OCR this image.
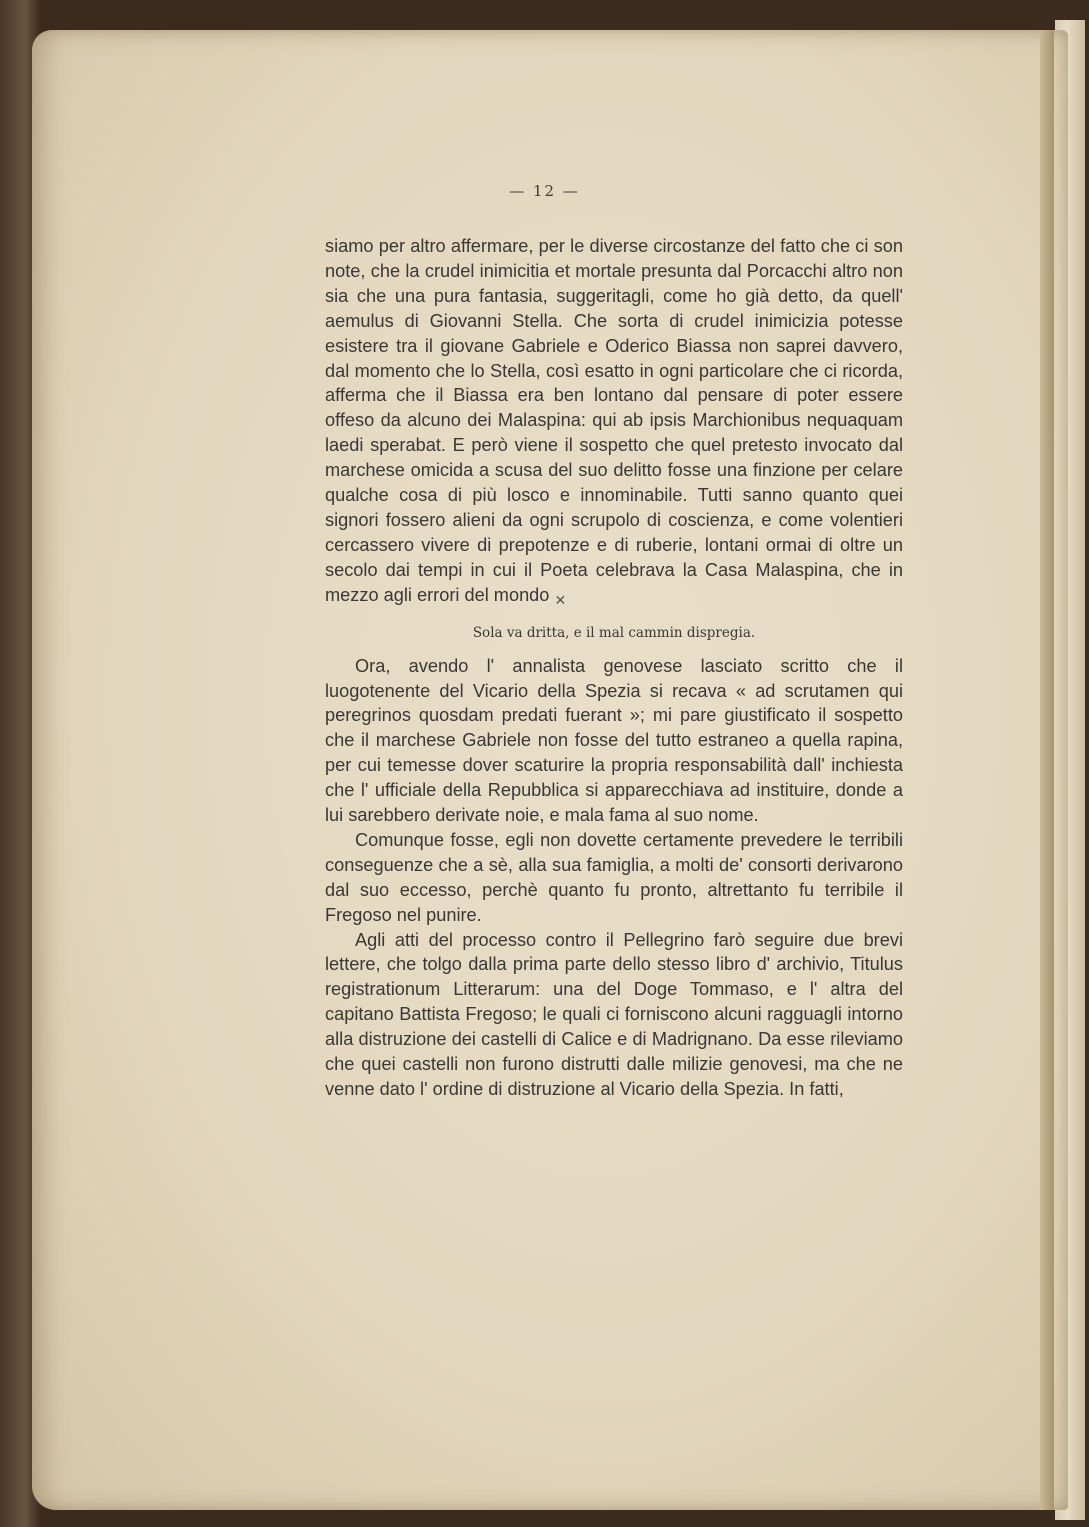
— 12 —

siamo per altro affermare, per le diverse circostanze del fatto che ci son note, che la crudel inimicitia et mortale presunta dal Porcacchi altro non sia che una pura fantasia, suggeritagli, come ho già detto, da quell' aemulus di Giovanni Stella. Che sorta di crudel inimicizia potesse esistere tra il giovane Gabriele e Oderico Biassa non saprei davvero, dal momento che lo Stella, così esatto in ogni particolare che ci ricorda, afferma che il Biassa era ben lontano dal pensare di poter essere offeso da alcuno dei Malaspina: qui ab ipsis Marchionibus nequaquam laedi sperabat. E però viene il sospetto che quel pretesto invocato dal marchese omicida a scusa del suo delitto fosse una finzione per celare qualche cosa di più losco e innominabile. Tutti sanno quanto quei signori fossero alieni da ogni scrupolo di coscienza, e come volentieri cercassero vivere di prepotenze e di ruberie, lontani ormai di oltre un secolo dai tempi in cui il Poeta celebrava la Casa Malaspina, che in mezzo agli errori del mondo $_✕$

Sola va dritta, e il mal cammin dispregia.

Ora, avendo l' annalista genovese lasciato scritto che il luogotenente del Vicario della Spezia si recava « ad scrutamen qui peregrinos quosdam predati fuerant »; mi pare giustificato il sospetto che il marchese Gabriele non fosse del tutto estraneo a quella rapina, per cui temesse dover scaturire la propria responsabilità dall' inchiesta che l' ufficiale della Repubblica si apparecchiava ad instituire, donde a lui sarebbero derivate noie, e mala fama al suo nome.

Comunque fosse, egli non dovette certamente prevedere le terribili conseguenze che a sè, alla sua famiglia, a molti de' consorti derivarono dal suo eccesso, perchè quanto fu pronto, altrettanto fu terribile il Fregoso nel punire.

Agli atti del processo contro il Pellegrino farò seguire due brevi lettere, che tolgo dalla prima parte dello stesso libro d' archivio, Titulus registrationum Litterarum: una del Doge Tommaso, e l' altra del capitano Battista Fregoso; le quali ci forniscono alcuni ragguagli intorno alla distruzione dei castelli di Calice e di Madrignano. Da esse rileviamo che quei castelli non furono distrutti dalle milizie genovesi, ma che ne venne dato l' ordine di distruzione al Vicario della Spezia. In fatti,
